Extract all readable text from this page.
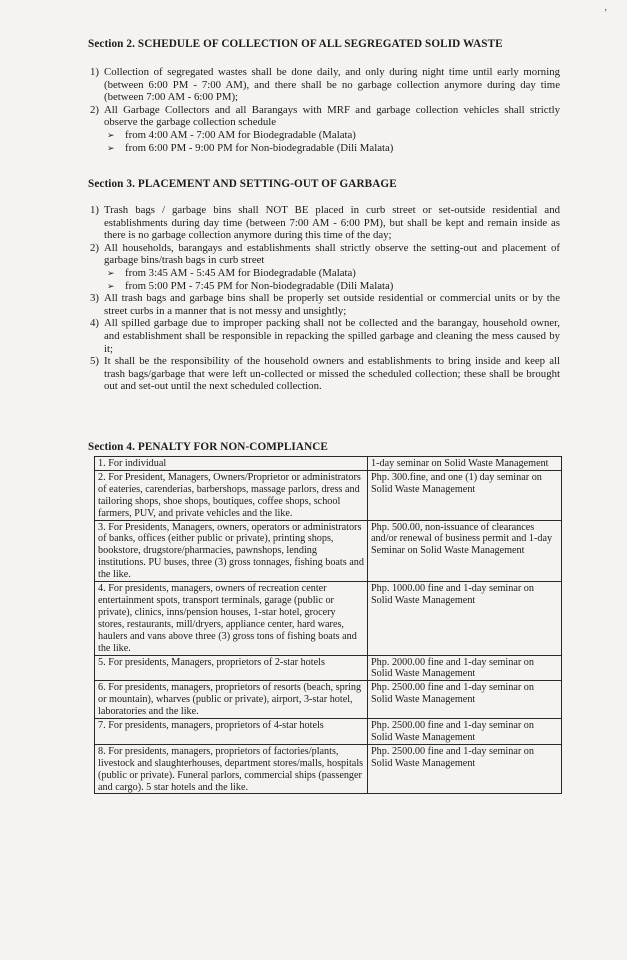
,
Section 2. SCHEDULE OF COLLECTION OF ALL SEGREGATED SOLID WASTE
1) Collection of segregated wastes shall be done daily, and only during night time until early morning (between 6:00 PM - 7:00 AM), and there shall be no garbage collection anymore during day time (between 7:00 AM - 6:00 PM);
2) All Garbage Collectors and all Barangays with MRF and garbage collection vehicles shall strictly observe the garbage collection schedule
➢ from 4:00 AM - 7:00 AM for Biodegradable (Malata)
➢ from 6:00 PM - 9:00 PM for Non-biodegradable (Dili Malata)
Section 3. PLACEMENT AND SETTING-OUT OF GARBAGE
1) Trash bags / garbage bins shall NOT BE placed in curb street or set-outside residential and establishments during day time (between 7:00 AM - 6:00 PM), but shall be kept and remain inside as there is no garbage collection anymore during this time of the day;
2) All households, barangays and establishments shall strictly observe the setting-out and placement of garbage bins/trash bags in curb street
➢ from 3:45 AM - 5:45 AM for Biodegradable (Malata)
➢ from 5:00 PM - 7:45 PM for Non-biodegradable (Dili Malata)
3) All trash bags and garbage bins shall be properly set outside residential or commercial units or by the street curbs in a manner that is not messy and unsightly;
4) All spilled garbage due to improper packing shall not be collected and the barangay, household owner, and establishment shall be responsible in repacking the spilled garbage and cleaning the mess caused by it;
5) It shall be the responsibility of the household owners and establishments to bring inside and keep all trash bags/garbage that were left un-collected or missed the scheduled collection; these shall be brought out and set-out until the next scheduled collection.
Section 4. PENALTY FOR NON-COMPLIANCE
1. For individual	1-day seminar on Solid Waste Management
2. For President, Managers, Owners/Proprietor or administrators of eateries, carenderias, barbershops, massage parlors, dress and tailoring shops, shoe shops, boutiques, coffee shops, school farmers, PUV, and private vehicles and the like.	Php. 300.fine, and one (1) day seminar on Solid Waste Management
3. For Presidents, Managers, owners, operators or administrators of banks, offices (either public or private), printing shops, bookstore, drugstore/pharmacies, pawnshops, lending institutions. PU buses, three (3) gross tonnages, fishing boats and the like.	Php. 500.00, non-issuance of clearances and/or renewal of business permit and 1-day Seminar on Solid Waste Management
4. For presidents, managers, owners of recreation center entertainment spots, transport terminals, garage (public or private), clinics, inns/pension houses, 1-star hotel, grocery stores, restaurants, mill/dryers, appliance center, hard wares, haulers and vans above three (3) gross tons of fishing boats and the like.	Php. 1000.00 fine and 1-day seminar on Solid Waste Management
5. For presidents, Managers, proprietors of 2-star hotels	Php. 2000.00 fine and 1-day seminar on Solid Waste Management
6. For presidents, managers, proprietors of resorts (beach, spring or mountain), wharves (public or private), airport, 3-star hotel, laboratories and the like.	Php. 2500.00 fine and 1-day seminar on Solid Waste Management
7. For presidents, managers, proprietors of 4-star hotels	Php. 2500.00 fine and 1-day seminar on Solid Waste Management
8. For presidents, managers, proprietors of factories/plants, livestock and slaughterhouses, department stores/malls, hospitals (public or private). Funeral parlors, commercial ships (passenger and cargo). 5 star hotels and the like.	Php. 2500.00 fine and 1-day seminar on Solid Waste Management
